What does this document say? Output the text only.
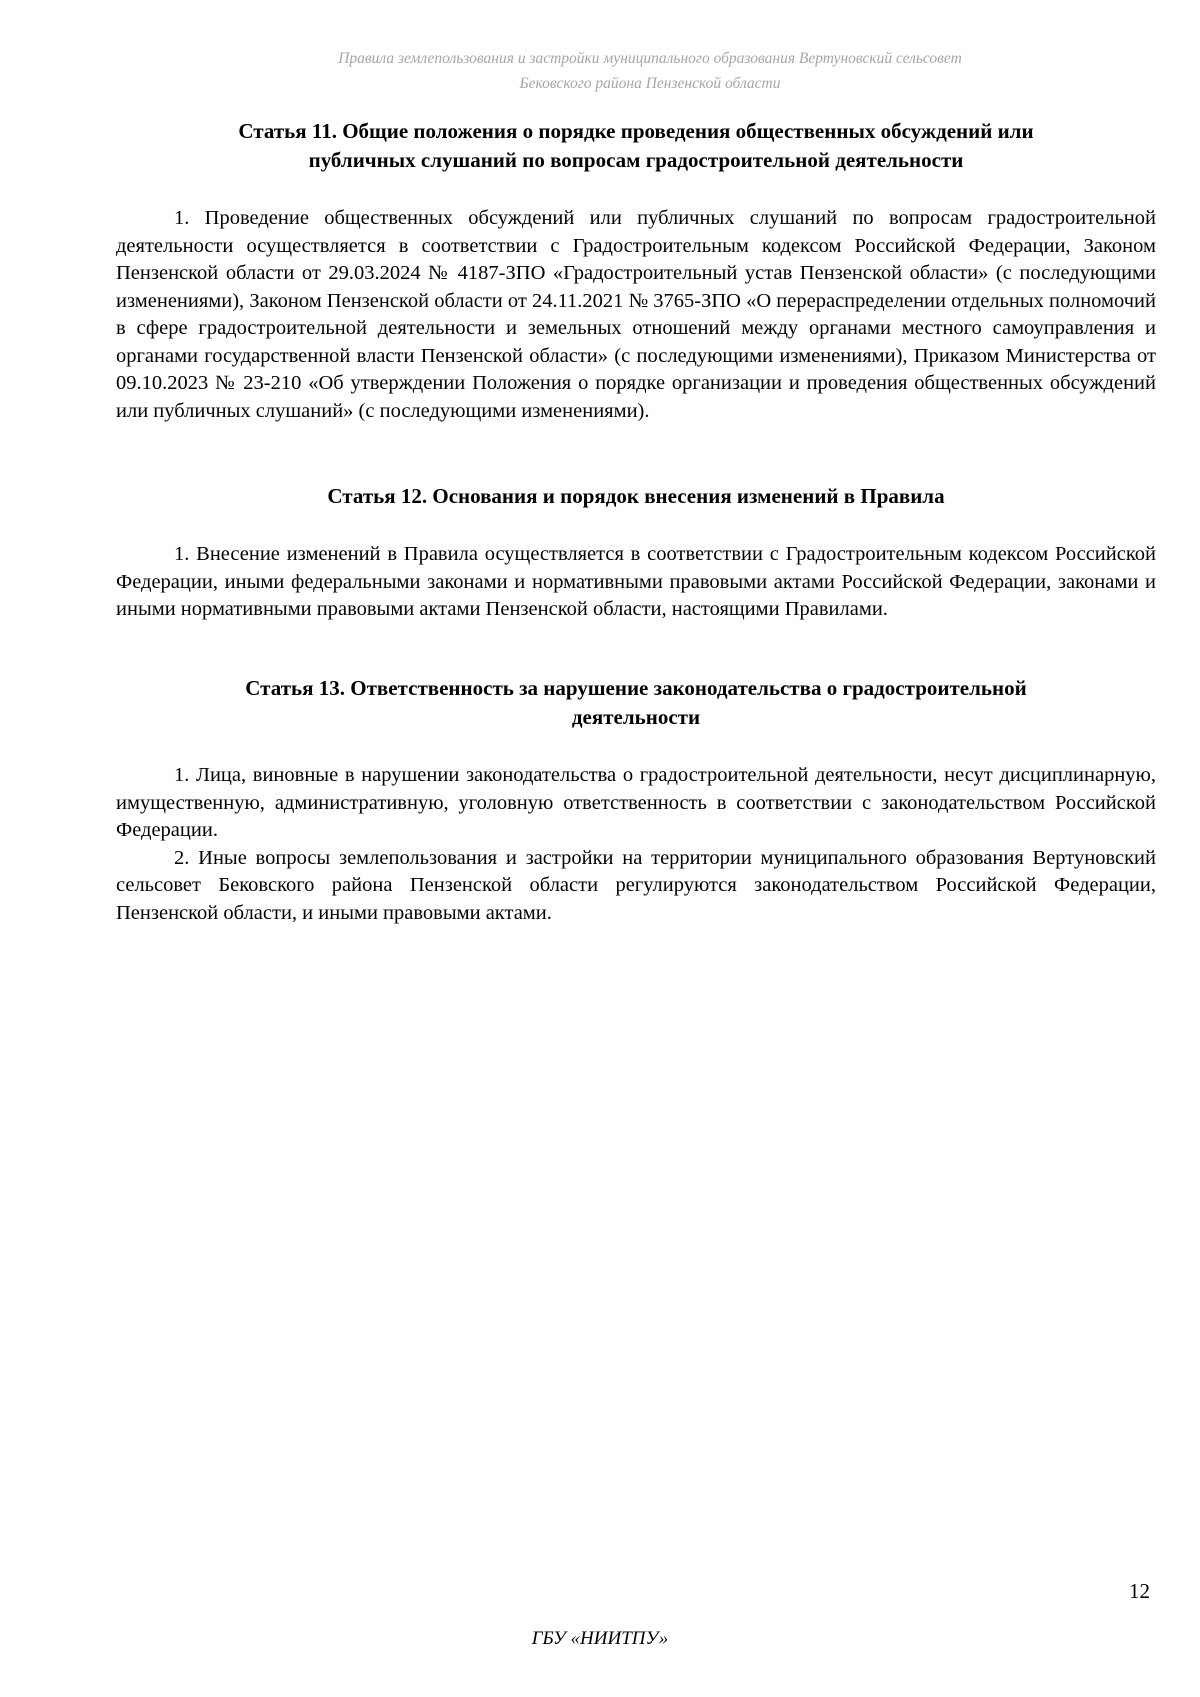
Правила землепользования и застройки муниципального образования Вертуновский сельсовет
Бековского района Пензенской области
Статья 11. Общие положения о порядке проведения общественных обсуждений или
публичных слушаний по вопросам градостроительной деятельности

1. Проведение общественных обсуждений или публичных слушаний по вопросам градостроительной деятельности осуществляется в соответствии с Градостроительным кодексом Российской Федерации, Законом Пензенской области от 29.03.2024 № 4187-ЗПО «Градостроительный устав Пензенской области» (с последующими изменениями), Законом Пензенской области от 24.11.2021 № 3765-ЗПО «О перераспределении отдельных полномочий в сфере градостроительной деятельности и земельных отношений между органами местного самоуправления и органами государственной власти Пензенской области» (с последующими изменениями), Приказом Министерства от 09.10.2023 № 23-210 «Об утверждении Положения о порядке организации и проведения общественных обсуждений или публичных слушаний» (с последующими изменениями).

Статья 12. Основания и порядок внесения изменений в Правила

1. Внесение изменений в Правила осуществляется в соответствии с Градостроительным кодексом Российской Федерации, иными федеральными законами и нормативными правовыми актами Российской Федерации, законами и иными нормативными правовыми актами Пензенской области, настоящими Правилами.

Статья 13. Ответственность за нарушение законодательства о градостроительной
деятельности

1. Лица, виновные в нарушении законодательства о градостроительной деятельности, несут дисциплинарную, имущественную, административную, уголовную ответственность в соответствии с законодательством Российской Федерации.

2. Иные вопросы землепользования и застройки на территории муниципального образования Вертуновский сельсовет Бековского района Пензенской области регулируются законодательством Российской Федерации, Пензенской области, и иными правовыми актами.

12
ГБУ «НИИТПУ»
